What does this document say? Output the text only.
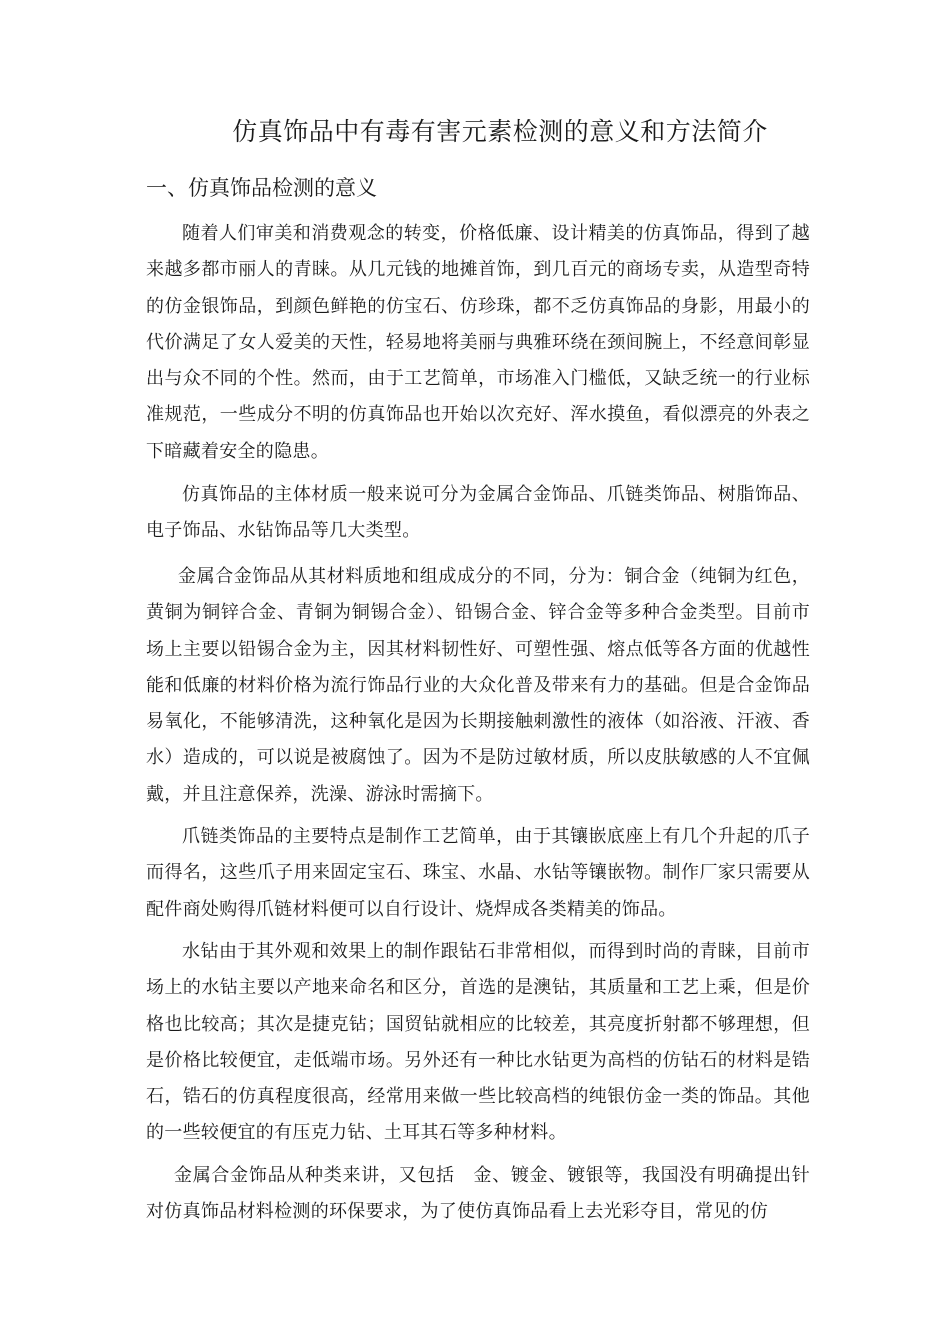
仿真饰品中有毒有害元素检测的意义和方法简介
一、仿真饰品检测的意义

随着人们审美和消费观念的转变，价格低廉、设计精美的仿真饰品，得到了越来越多都市丽人的青睐。从几元钱的地摊首饰，到几百元的商场专卖，从造型奇特的仿金银饰品，到颜色鲜艳的仿宝石、仿珍珠，都不乏仿真饰品的身影，用最小的代价满足了女人爱美的天性，轻易地将美丽与典雅环绕在颈间腕上，不经意间彰显出与众不同的个性。然而，由于工艺简单，市场准入门槛低，又缺乏统一的行业标准规范，一些成分不明的仿真饰品也开始以次充好、浑水摸鱼，看似漂亮的外表之下暗藏着安全的隐患。

仿真饰品的主体材质一般来说可分为金属合金饰品、爪链类饰品、树脂饰品、电子饰品、水钻饰品等几大类型。

金属合金饰品从其材料质地和组成成分的不同，分为：铜合金（纯铜为红色，黄铜为铜锌合金、青铜为铜锡合金）、铅锡合金、锌合金等多种合金类型。目前市场上主要以铅锡合金为主，因其材料韧性好、可塑性强、熔点低等各方面的优越性能和低廉的材料价格为流行饰品行业的大众化普及带来有力的基础。但是合金饰品易氧化，不能够清洗，这种氧化是因为长期接触刺激性的液体（如浴液、汗液、香水）造成的，可以说是被腐蚀了。因为不是防过敏材质，所以皮肤敏感的人不宜佩戴，并且注意保养，洗澡、游泳时需摘下。

爪链类饰品的主要特点是制作工艺简单，由于其镶嵌底座上有几个升起的爪子而得名，这些爪子用来固定宝石、珠宝、水晶、水钻等镶嵌物。制作厂家只需要从配件商处购得爪链材料便可以自行设计、烧焊成各类精美的饰品。

水钻由于其外观和效果上的制作跟钻石非常相似，而得到时尚的青睐，目前市场上的水钻主要以产地来命名和区分，首选的是澳钻，其质量和工艺上乘，但是价格也比较高；其次是捷克钻；国贸钻就相应的比较差，其亮度折射都不够理想，但是价格比较便宜，走低端市场。另外还有一种比水钻更为高档的仿钻石的材料是锆石，锆石的仿真程度很高，经常用来做一些比较高档的纯银仿金一类的饰品。其他的一些较便宜的有压克力钻、土耳其石等多种材料。

金属合金饰品从种类来讲，又包括　金、镀金、镀银等，我国没有明确提出针对仿真饰品材料检测的环保要求，为了使仿真饰品看上去光彩夺目，常见的仿
